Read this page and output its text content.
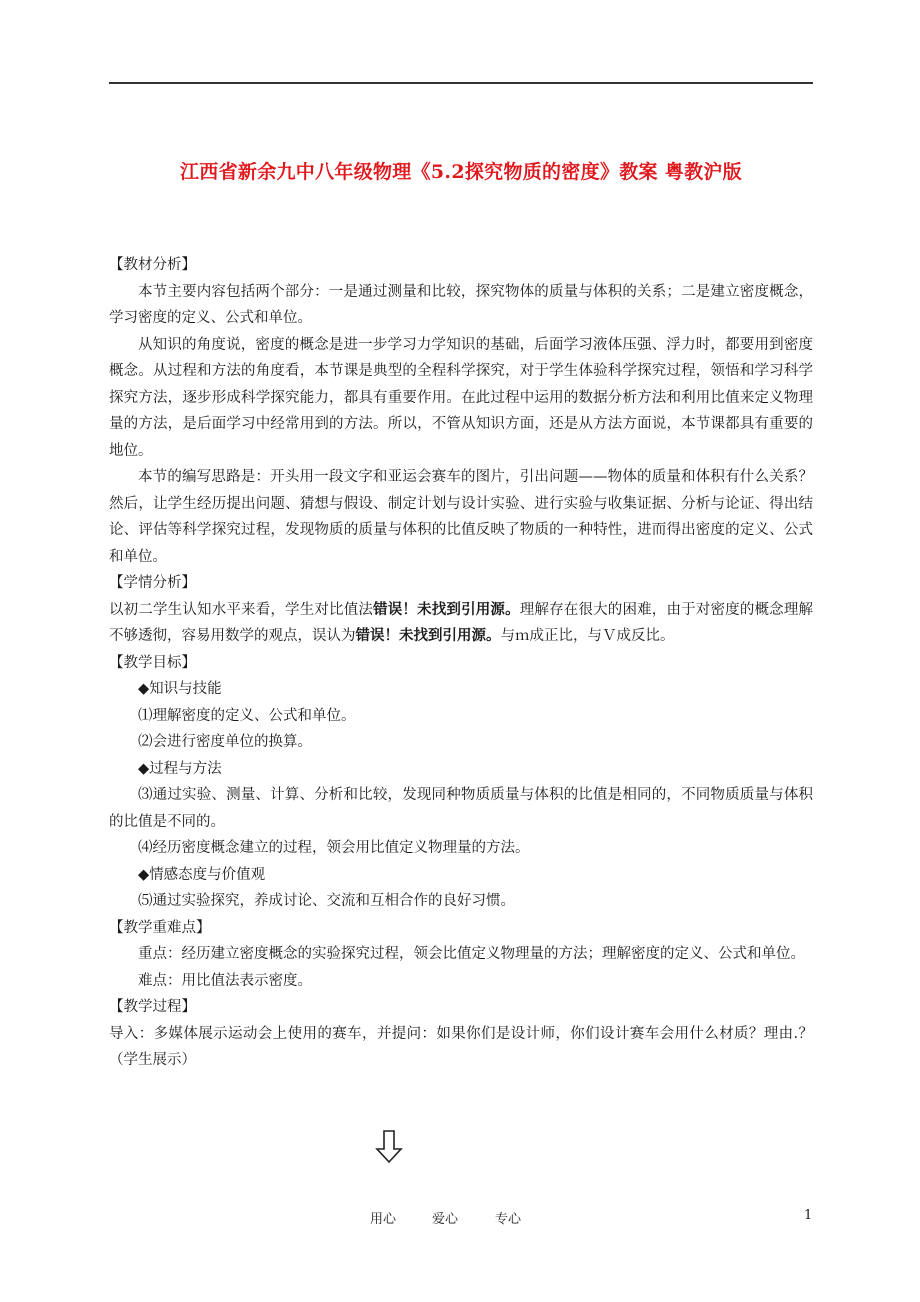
江西省新余九中八年级物理《5.2探究物质的密度》教案 粤教沪版

【教材分析】

本节主要内容包括两个部分：一是通过测量和比较，探究物体的质量与体积的关系；二是建立密度概念，学习密度的定义、公式和单位。

从知识的角度说，密度的概念是进一步学习力学知识的基础，后面学习液体压强、浮力时，都要用到密度概念。从过程和方法的角度看，本节课是典型的全程科学探究，对于学生体验科学探究过程，领悟和学习科学探究方法，逐步形成科学探究能力，都具有重要作用。在此过程中运用的数据分析方法和利用比值来定义物理量的方法，是后面学习中经常用到的方法。所以，不管从知识方面，还是从方法方面说，本节课都具有重要的地位。

本节的编写思路是：开头用一段文字和亚运会赛车的图片，引出问题——物体的质量和体积有什么关系？然后，让学生经历提出问题、猜想与假设、制定计划与设计实验、进行实验与收集证据、分析与论证、得出结论、评估等科学探究过程，发现物质的质量与体积的比值反映了物质的一种特性，进而得出密度的定义、公式和单位。

【学情分析】

以初二学生认知水平来看，学生对比值法错误！未找到引用源。理解存在很大的困难，由于对密度的概念理解不够透彻，容易用数学的观点，误认为错误！未找到引用源。与ｍ成正比，与Ｖ成反比。

【教学目标】

◆知识与技能

⑴理解密度的定义、公式和单位。

⑵会进行密度单位的换算。

◆过程与方法

⑶通过实验、测量、计算、分析和比较，发现同种物质质量与体积的比值是相同的，不同物质质量与体积的比值是不同的。

⑷经历密度概念建立的过程，领会用比值定义物理量的方法。

◆情感态度与价值观

⑸通过实验探究，养成讨论、交流和互相合作的良好习惯。

【教学重难点】

重点：经历建立密度概念的实验探究过程，领会比值定义物理量的方法；理解密度的定义、公式和单位。

难点：用比值法表示密度。

【教学过程】

导入：多媒体展示运动会上使用的赛车，并提问：如果你们是设计师，你们设计赛车会用什么材质？理由.？（学生展示）

用心	爱心	专心	1
